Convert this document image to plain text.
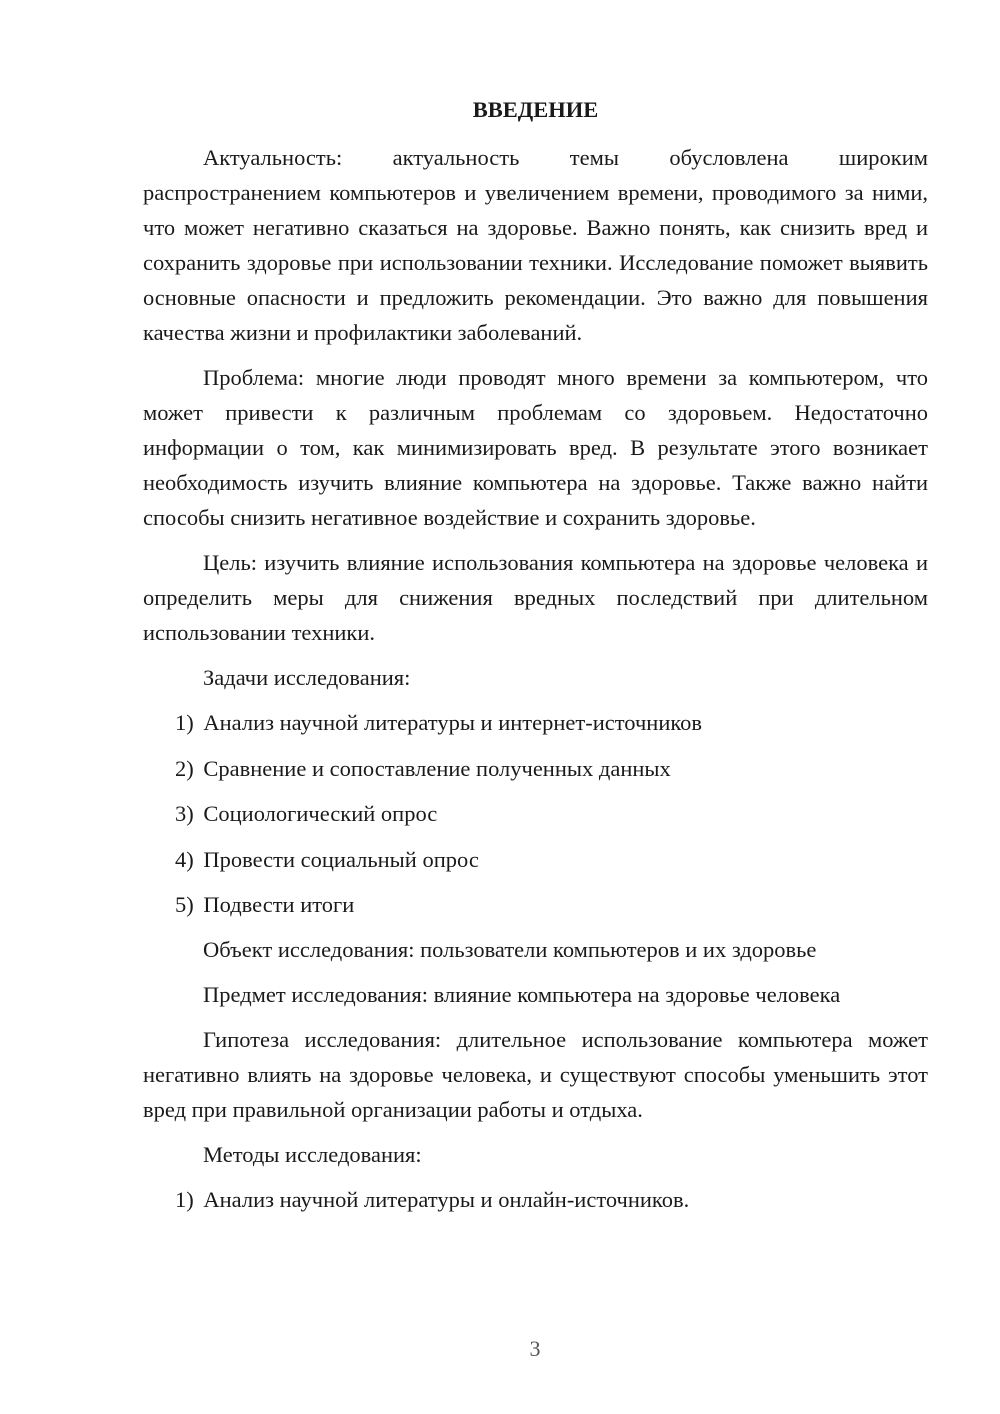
ВВЕДЕНИЕ

Актуальность: актуальность темы обусловлена широким распространением компьютеров и увеличением времени, проводимого за ними, что может негативно сказаться на здоровье. Важно понять, как снизить вред и сохранить здоровье при использовании техники. Исследование поможет выявить основные опасности и предложить рекомендации. Это важно для повышения качества жизни и профилактики заболеваний.

Проблема: многие люди проводят много времени за компьютером, что может привести к различным проблемам со здоровьем. Недостаточно информации о том, как минимизировать вред. В результате этого возникает необходимость изучить влияние компьютера на здоровье. Также важно найти способы снизить негативное воздействие и сохранить здоровье.

Цель: изучить влияние использования компьютера на здоровье человека и определить меры для снижения вредных последствий при длительном использовании техники.

Задачи исследования:
1) Анализ научной литературы и интернет-источников
2) Сравнение и сопоставление полученных данных
3) Социологический опрос
4) Провести социальный опрос
5) Подвести итоги
Объект исследования: пользователи компьютеров и их здоровье
Предмет исследования: влияние компьютера на здоровье человека

Гипотеза исследования: длительное использование компьютера может негативно влиять на здоровье человека, и существуют способы уменьшить этот вред при правильной организации работы и отдыха.

Методы исследования:
1) Анализ научной литературы и онлайн-источников.
3
